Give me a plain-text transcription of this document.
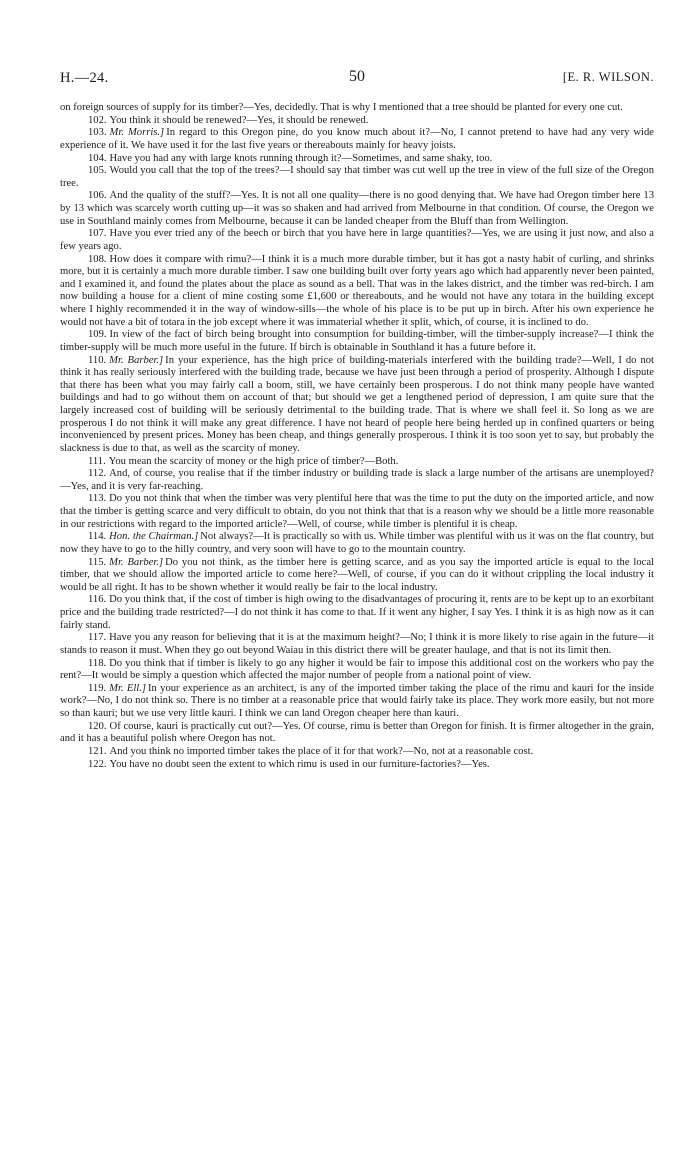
H.—24.	50	[E. R. WILSON.

on foreign sources of supply for its timber?—Yes, decidedly. That is why I mentioned that a tree should be planted for every one cut.

102. You think it should be renewed?—Yes, it should be renewed.

103. Mr. Morris.] In regard to this Oregon pine, do you know much about it?—No, I cannot pretend to have had any very wide experience of it. We have used it for the last five years or thereabouts mainly for heavy joists.

104. Have you had any with large knots running through it?—Sometimes, and same shaky, too.

105. Would you call that the top of the trees?—I should say that timber was cut well up the tree in view of the full size of the Oregon tree.

106. And the quality of the stuff?—Yes. It is not all one quality—there is no good denying that. We have had Oregon timber here 13 by 13 which was scarcely worth cutting up—it was so shaken and had arrived from Melbourne in that condition. Of course, the Oregon we use in Southland mainly comes from Melbourne, because it can be landed cheaper from the Bluff than from Wellington.

107. Have you ever tried any of the beech or birch that you have here in large quantities?—Yes, we are using it just now, and also a few years ago.

108. How does it compare with rimu?—I think it is a much more durable timber, but it has got a nasty habit of curling, and shrinks more, but it is certainly a much more durable timber. I saw one building built over forty years ago which had apparently never been painted, and I examined it, and found the plates about the place as sound as a bell. That was in the lakes district, and the timber was red-birch. I am now building a house for a client of mine costing some £1,600 or thereabouts, and he would not have any totara in the building except where I highly recommended it in the way of window-sills—the whole of his place is to be put up in birch. After his own experience he would not have a bit of totara in the job except where it was immaterial whether it split, which, of course, it is inclined to do.

109. In view of the fact of birch being brought into consumption for building-timber, will the timber-supply increase?—I think the timber-supply will be much more useful in the future. If birch is obtainable in Southland it has a future before it.

110. Mr. Barber.] In your experience, has the high price of building-materials interfered with the building trade?—Well, I do not think it has really seriously interfered with the building trade, because we have just been through a period of prosperity. Although I dispute that there has been what you may fairly call a boom, still, we have certainly been prosperous. I do not think many people have wanted buildings and had to go without them on account of that; but should we get a lengthened period of depression, I am quite sure that the largely increased cost of building will be seriously detrimental to the building trade. That is where we shall feel it. So long as we are prosperous I do not think it will make any great difference. I have not heard of people here being herded up in confined quarters or being inconvenienced by present prices. Money has been cheap, and things generally prosperous. I think it is too soon yet to say, but probably the slackness is due to that, as well as the scarcity of money.

111. You mean the scarcity of money or the high price of timber?—Both.

112. And, of course, you realise that if the timber industry or building trade is slack a large number of the artisans are unemployed?—Yes, and it is very far-reaching.

113. Do you not think that when the timber was very plentiful here that was the time to put the duty on the imported article, and now that the timber is getting scarce and very difficult to obtain, do you not think that that is a reason why we should be a little more reasonable in our restrictions with regard to the imported article?—Well, of course, while timber is plentiful it is cheap.

114. Hon. the Chairman.] Not always?—It is practically so with us. While timber was plentiful with us it was on the flat country, but now they have to go to the hilly country, and very soon will have to go to the mountain country.

115. Mr. Barber.] Do you not think, as the timber here is getting scarce, and as you say the imported article is equal to the local timber, that we should allow the imported article to come here?—Well, of course, if you can do it without crippling the local industry it would be all right. It has to be shown whether it would really be fair to the local industry.

116. Do you think that, if the cost of timber is high owing to the disadvantages of procuring it, rents are to be kept up to an exorbitant price and the building trade restricted?—I do not think it has come to that. If it went any higher, I say Yes. I think it is as high now as it can fairly stand.

117. Have you any reason for believing that it is at the maximum height?—No; I think it is more likely to rise again in the future—it stands to reason it must. When they go out beyond Waiau in this district there will be greater haulage, and that is not its limit then.

118. Do you think that if timber is likely to go any higher it would be fair to impose this additional cost on the workers who pay the rent?—It would be simply a question which affected the major number of people from a national point of view.

119. Mr. Ell.] In your experience as an architect, is any of the imported timber taking the place of the rimu and kauri for the inside work?—No, I do not think so. There is no timber at a reasonable price that would fairly take its place. They work more easily, but not more so than kauri; but we use very little kauri. I think we can land Oregon cheaper here than kauri.

120. Of course, kauri is practically cut out?—Yes. Of course, rimu is better than Oregon for finish. It is firmer altogether in the grain, and it has a beautiful polish where Oregon has not.

121. And you think no imported timber takes the place of it for that work?—No, not at a reasonable cost.

122. You have no doubt seen the extent to which rimu is used in our furniture-factories?—Yes.
